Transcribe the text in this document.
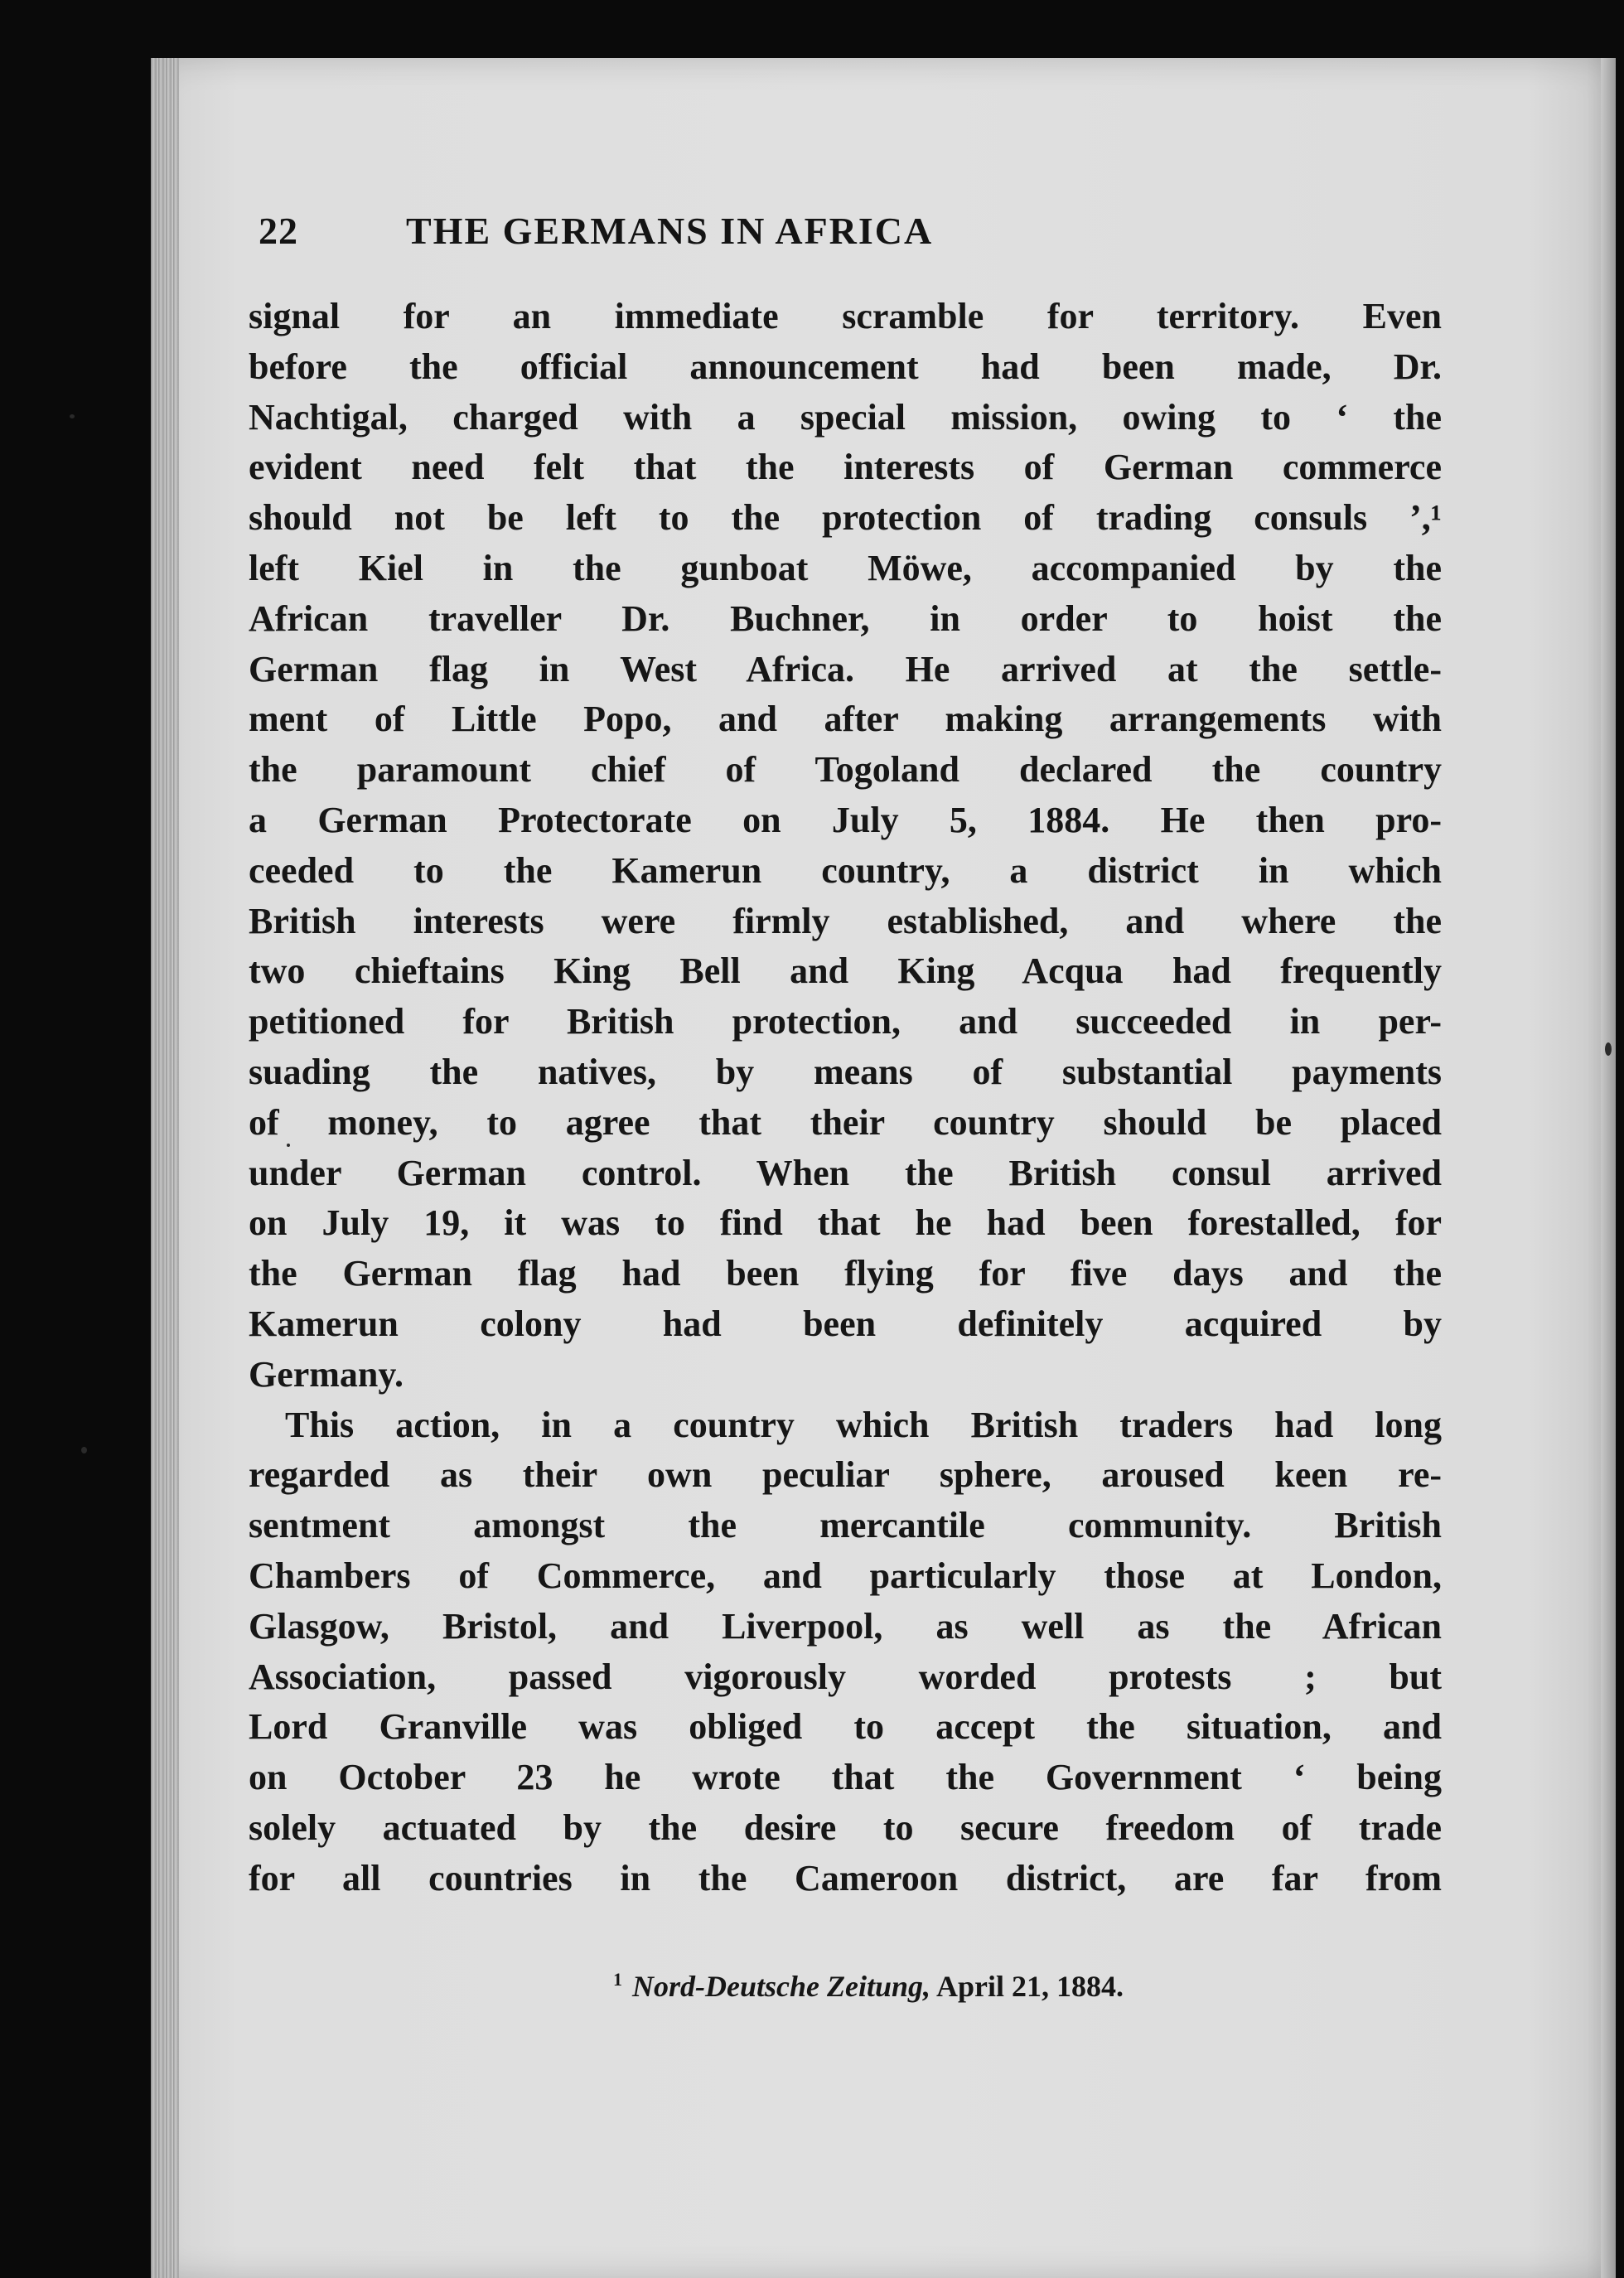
22	THE GERMANS IN AFRICA
signal for an immediate scramble for territory. Even
before the official announcement had been made, Dr.
Nachtigal, charged with a special mission, owing to ‘ the
evident need felt that the interests of German commerce
should not be left to the protection of trading consuls ’,¹
left Kiel in the gunboat Möwe, accompanied by the
African traveller Dr. Buchner, in order to hoist the
German flag in West Africa. He arrived at the settle-
ment of Little Popo, and after making arrangements with
the paramount chief of Togoland declared the country
a German Protectorate on July 5, 1884. He then pro-
ceeded to the Kamerun country, a district in which
British interests were firmly established, and where the
two chieftains King Bell and King Acqua had frequently
petitioned for British protection, and succeeded in per-
suading the natives, by means of substantial payments
of money, to agree that their country should be placed
under German control. When the British consul arrived
on July 19, it was to find that he had been forestalled, for
the German flag had been flying for five days and the
Kamerun colony had been definitely acquired by
Germany.
This action, in a country which British traders had long
regarded as their own peculiar sphere, aroused keen re-
sentment amongst the mercantile community. British
Chambers of Commerce, and particularly those at London,
Glasgow, Bristol, and Liverpool, as well as the African
Association, passed vigorously worded protests ; but
Lord Granville was obliged to accept the situation, and
on October 23 he wrote that the Government ‘ being
solely actuated by the desire to secure freedom of trade
for all countries in the Cameroon district, are far from
$^1$ Nord-Deutsche Zeitung, April 21, 1884.
